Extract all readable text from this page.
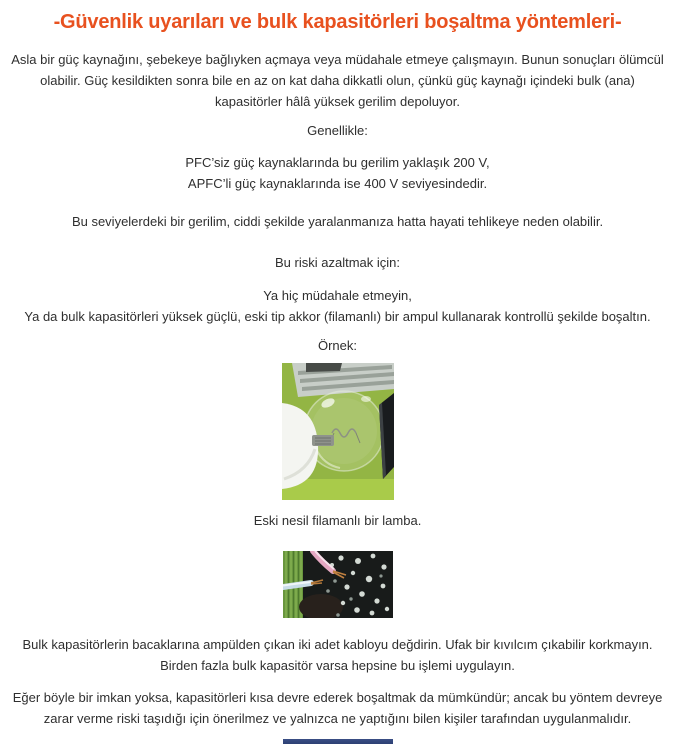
-Güvenlik uyarıları ve bulk kapasitörleri boşaltma yöntemleri-

Asla bir güç kaynağını, şebekeye bağlıyken açmaya veya müdahale etmeye çalışmayın. Bunun sonuçları ölümcül olabilir. Güç kesildikten sonra bile en az on kat daha dikkatli olun, çünkü güç kaynağı içindeki bulk (ana) kapasitörler hâlâ yüksek gerilim depoluyor.

Genellikle:

PFC’siz güç kaynaklarında bu gerilim yaklaşık 200 V,
APFC’li güç kaynaklarında ise 400 V seviyesindedir.

Bu seviyelerdeki bir gerilim, ciddi şekilde yaralanmanıza hatta hayati tehlikeye neden olabilir.

Bu riski azaltmak için:

Ya hiç müdahale etmeyin,
Ya da bulk kapasitörleri yüksek güçlü, eski tip akkor (filamanlı) bir ampul kullanarak kontrollü şekilde boşaltın.

Örnek:

Eski nesil filamanlı bir lamba.

Bulk kapasitörlerin bacaklarına ampülden çıkan iki adet kabloyu değdirin. Ufak bir kıvılcım çıkabilir korkmayın. Birden fazla bulk kapasitör varsa hepsine bu işlemi uygulayın.

Eğer böyle bir imkan yoksa, kapasitörleri kısa devre ederek boşaltmak da mümkündür; ancak bu yöntem devreye zarar verme riski taşıdığı için önerilmez ve yalnızca ne yaptığını bilen kişiler tarafından uygulanmalıdır.
